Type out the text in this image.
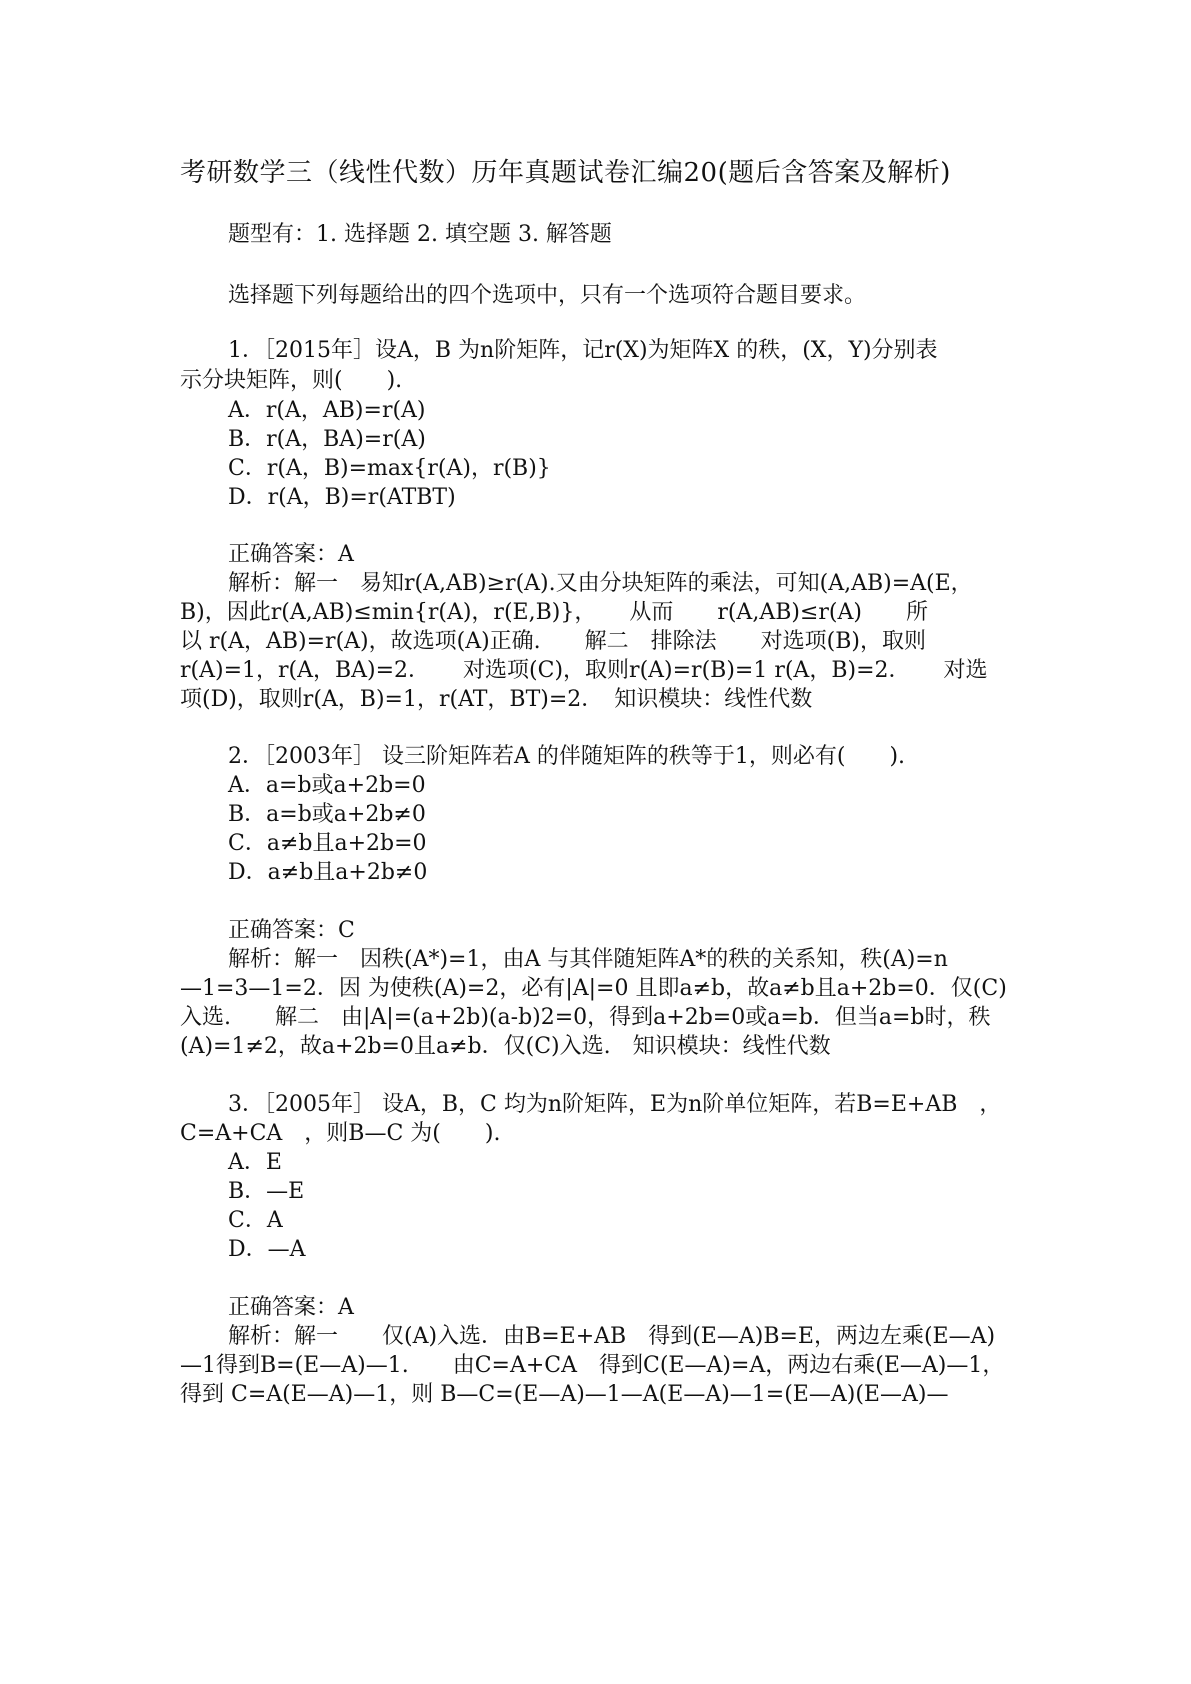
考研数学三（线性代数）历年真题试卷汇编20(题后含答案及解析)
题型有：1. 选择题 2. 填空题 3. 解答题
选择题下列每题给出的四个选项中，只有一个选项符合题目要求。
1．［2015年］设A，B 为n阶矩阵，记r(X)为矩阵X 的秩，(X，Y)分别表
示分块矩阵，则(　　).
A．r(A，AB)=r(A)
B．r(A，BA)=r(A)
C．r(A，B)=max{r(A)，r(B)}
D．r(A，B)=r(ATBT)
正确答案：A
解析：解一　易知r(A,AB)≥r(A).又由分块矩阵的乘法，可知(A,AB)=A(E，
B)，因此r(A,AB)≤min{r(A)，r(E,B)}，　　从而　　r(A,AB)≤r(A)　　所
以 r(A，AB)=r(A)，故选项(A)正确.　　解二　排除法　　对选项(B)，取则
r(A)=1，r(A，BA)=2．　　对选项(C)，取则r(A)=r(B)=1 r(A，B)=2．　　对选
项(D)，取则r(A，B)=1，r(AT，BT)=2．　知识模块：线性代数
2．［2003年］ 设三阶矩阵若A 的伴随矩阵的秩等于1，则必有(　　).
A．a=b或a+2b=0
B．a=b或a+2b≠0
C．a≠b且a+2b=0
D．a≠b且a+2b≠0
正确答案：C
解析：解一　因秩(A*)=1，由A 与其伴随矩阵A*的秩的关系知，秩(A)=n
—1=3—1=2．因 为使秩(A)=2，必有|A|=0 且即a≠b，故a≠b且a+2b=0．仅(C)
入选.　　解二　由|A|=(a+2b)(a-b)2=0，得到a+2b=0或a=b．但当a=b时，秩
(A)=1≠2，故a+2b=0且a≠b．仅(C)入选.　知识模块：线性代数
3．［2005年］ 设A，B，C 均为n阶矩阵，E为n阶单位矩阵，若B=E+AB　，
C=A+CA　，则B—C 为(　　).
A．E
B．—E
C．A
D．—A
正确答案：A
解析：解一　　仅(A)入选．由B=E+AB　得到(E—A)B=E，两边左乘(E—A)
—1得到B=(E—A)—1.　　由C=A+CA　得到C(E—A)=A，两边右乘(E—A)—1，
得到 C=A(E—A)—1，则 B—C=(E—A)—1—A(E—A)—1=(E—A)(E—A)—
